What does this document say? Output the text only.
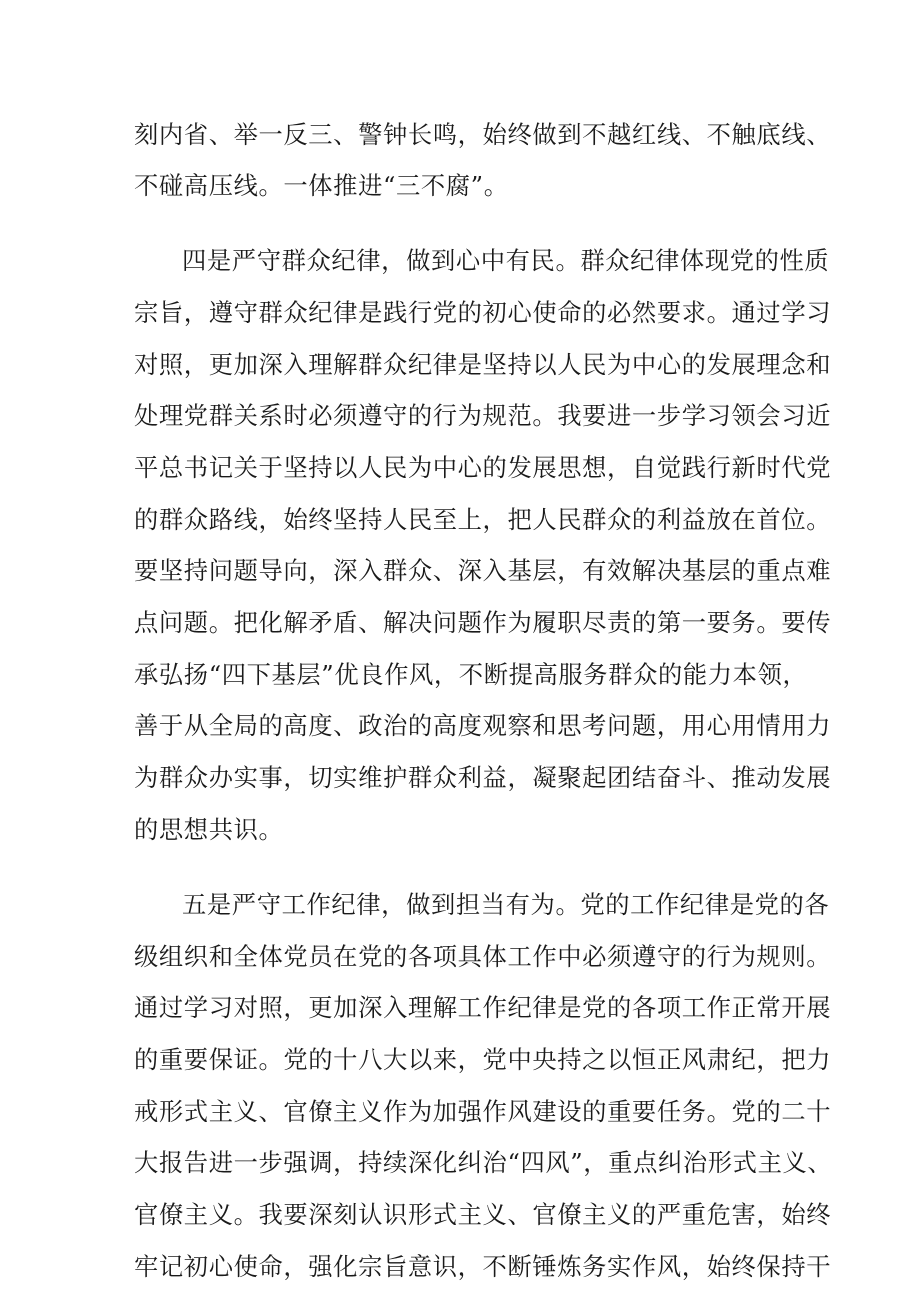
刻内省、举一反三、警钟长鸣，始终做到不越红线、不触底线、
不碰高压线。一体推进“三不腐”。
四是严守群众纪律，做到心中有民。群众纪律体现党的性质
宗旨，遵守群众纪律是践行党的初心使命的必然要求。通过学习
对照，更加深入理解群众纪律是坚持以人民为中心的发展理念和
处理党群关系时必须遵守的行为规范。我要进一步学习领会习近
平总书记关于坚持以人民为中心的发展思想，自觉践行新时代党
的群众路线，始终坚持人民至上，把人民群众的利益放在首位。
要坚持问题导向，深入群众、深入基层，有效解决基层的重点难
点问题。把化解矛盾、解决问题作为履职尽责的第一要务。要传
承弘扬“四下基层”优良作风，不断提高服务群众的能力本领，
善于从全局的高度、政治的高度观察和思考问题，用心用情用力
为群众办实事，切实维护群众利益，凝聚起团结奋斗、推动发展
的思想共识。
五是严守工作纪律，做到担当有为。党的工作纪律是党的各
级组织和全体党员在党的各项具体工作中必须遵守的行为规则。
通过学习对照，更加深入理解工作纪律是党的各项工作正常开展
的重要保证。党的十八大以来，党中央持之以恒正风肃纪，把力
戒形式主义、官僚主义作为加强作风建设的重要任务。党的二十
大报告进一步强调，持续深化纠治“四风”，重点纠治形式主义、
官僚主义。我要深刻认识形式主义、官僚主义的严重危害，始终
牢记初心使命，强化宗旨意识，不断锤炼务实作风，始终保持干
